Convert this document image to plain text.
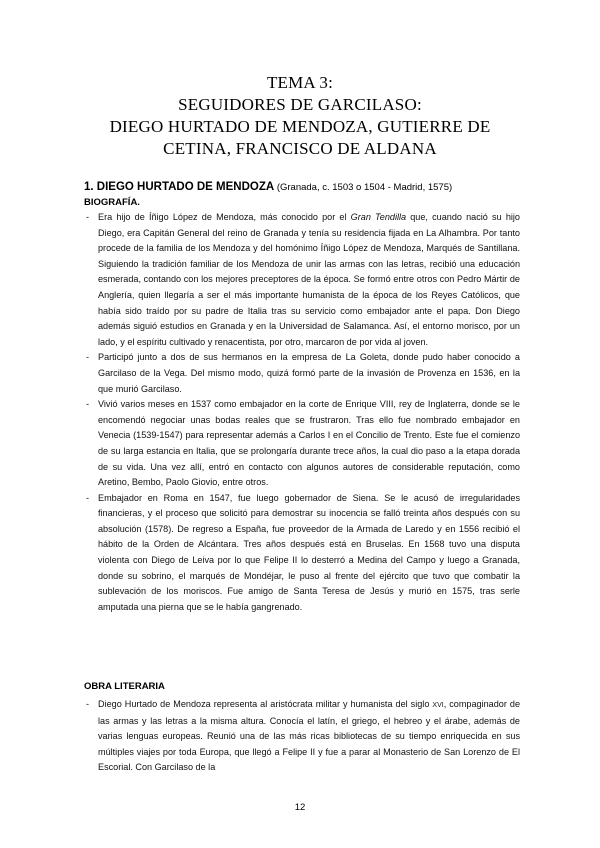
TEMA 3:
SEGUIDORES DE GARCILASO:
DIEGO HURTADO DE MENDOZA, GUTIERRE DE
CETINA, FRANCISCO DE ALDANA
1. DIEGO HURTADO DE MENDOZA (Granada, c. 1503 o 1504 - Madrid, 1575)
BIOGRAFÍA.
- Era hijo de Íñigo López de Mendoza, más conocido por el Gran Tendilla que, cuando nació su hijo Diego, era Capitán General del reino de Granada y tenía su residencia fijada en La Alhambra. Por tanto procede de la familia de los Mendoza y del homónimo Íñigo López de Mendoza, Marqués de Santillana. Siguiendo la tradición familiar de los Mendoza de unir las armas con las letras, recibió una educación esmerada, contando con los mejores preceptores de la época. Se formó entre otros con Pedro Mártir de Anglería, quien llegaría a ser el más importante humanista de la época de los Reyes Católicos, que había sido traído por su padre de Italia tras su servicio como embajador ante el papa. Don Diego además siguió estudios en Granada y en la Universidad de Salamanca. Así, el entorno morisco, por un lado, y el espíritu cultivado y renacentista, por otro, marcaron de por vida al joven.
- Participó junto a dos de sus hermanos en la empresa de La Goleta, donde pudo haber conocido a Garcilaso de la Vega. Del mismo modo, quizá formó parte de la invasión de Provenza en 1536, en la que murió Garcilaso.
- Vivió varios meses en 1537 como embajador en la corte de Enrique VIII, rey de Inglaterra, donde se le encomendó negociar unas bodas reales que se frustraron. Tras ello fue nombrado embajador en Venecia (1539-1547) para representar además a Carlos I en el Concilio de Trento. Este fue el comienzo de su larga estancia en Italia, que se prolongaría durante trece años, la cual dio paso a la etapa dorada de su vida. Una vez allí, entró en contacto con algunos autores de considerable reputación, como Aretino, Bembo, Paolo Giovio, entre otros.
- Embajador en Roma en 1547, fue luego gobernador de Siena. Se le acusó de irregularidades financieras, y el proceso que solicitó para demostrar su inocencia se falló treinta años después con su absolución (1578). De regreso a España, fue proveedor de la Armada de Laredo y en 1556 recibió el hábito de la Orden de Alcántara. Tres años después está en Bruselas. En 1568 tuvo una disputa violenta con Diego de Leiva por lo que Felipe II lo desterró a Medina del Campo y luego a Granada, donde su sobrino, el marqués de Mondéjar, le puso al frente del ejército que tuvo que combatir la sublevación de los moriscos. Fue amigo de Santa Teresa de Jesús y murió en 1575, tras serle amputada una pierna que se le había gangrenado.
OBRA LITERARIA
- Diego Hurtado de Mendoza representa al aristócrata militar y humanista del siglo XVI, compaginador de las armas y las letras a la misma altura. Conocía el latín, el griego, el hebreo y el árabe, además de varias lenguas europeas. Reunió una de las más ricas bibliotecas de su tiempo enriquecida en sus múltiples viajes por toda Europa, que llegó a Felipe II y fue a parar al Monasterio de San Lorenzo de El Escorial. Con Garcilaso de la
12
